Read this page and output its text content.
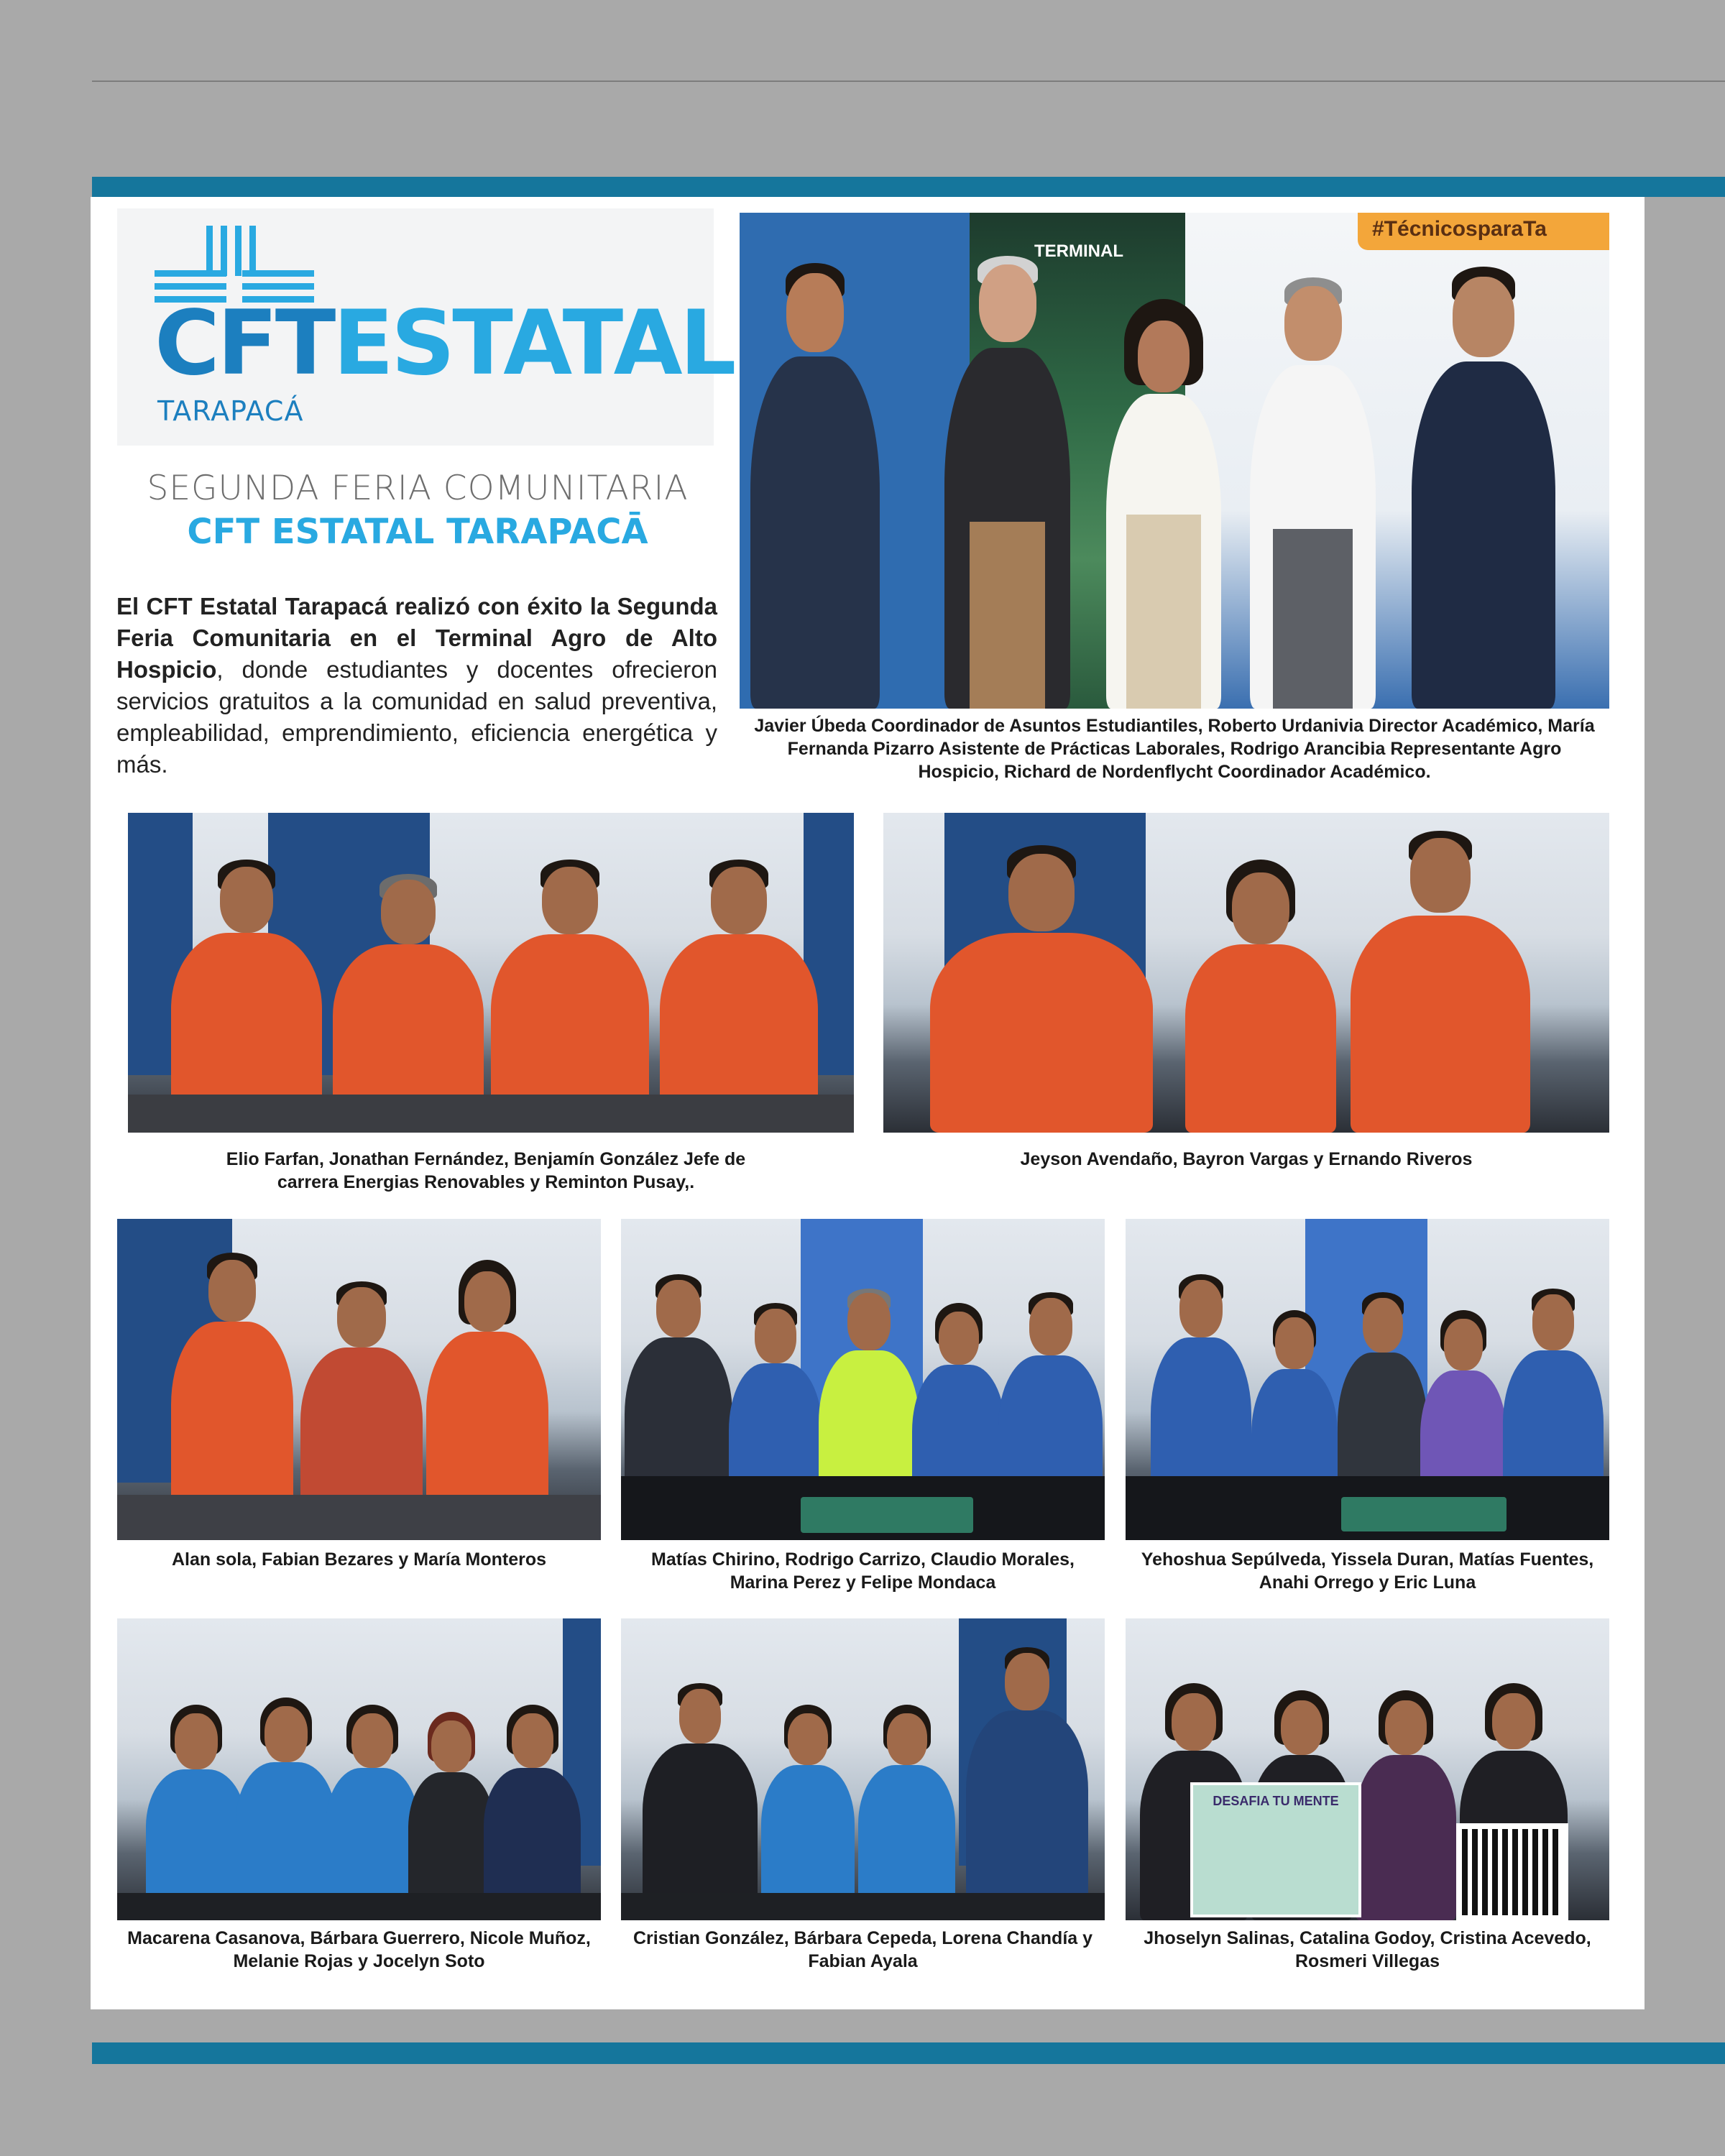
CFTESTATAL
TARAPACÁ
SEGUNDA FERIA COMUNITARIA
CFT ESTATAL TARAPACĀ
El CFT Estatal Tarapacá realizó con éxito la Segunda Feria Comunitaria en el Terminal Agro de Alto Hospicio, donde estudiantes y docentes ofrecieron servicios gratuitos a la comunidad en salud preventiva, empleabilidad, emprendimiento, eficiencia energética y más.
#TécnicosparaTa
TERMINAL
Javier Úbeda Coordinador de Asuntos Estudiantiles, Roberto Urdanivia Director Académico, María Fernanda Pizarro Asistente de Prácticas Laborales, Rodrigo Arancibia Representante Agro Hospicio, Richard de Nordenflycht Coordinador Académico.
Elio Farfan, Jonathan Fernández, Benjamín González Jefe de carrera Energias Renovables y Reminton Pusay,.
Jeyson Avendaño, Bayron Vargas y Ernando Riveros
Alan sola, Fabian Bezares y María Monteros	Matías Chirino, Rodrigo Carrizo, Claudio Morales, Marina Perez y Felipe Mondaca
Yehoshua Sepúlveda, Yissela Duran, Matías Fuentes, Anahi Orrego y Eric Luna
Macarena Casanova, Bárbara Guerrero, Nicole Muñoz, Melanie Rojas y Jocelyn Soto
Cristian González, Bárbara Cepeda, Lorena Chandía y Fabian Ayala
DESAFIA TU MENTE
Jhoselyn Salinas, Catalina Godoy, Cristina Acevedo, Rosmeri Villegas
